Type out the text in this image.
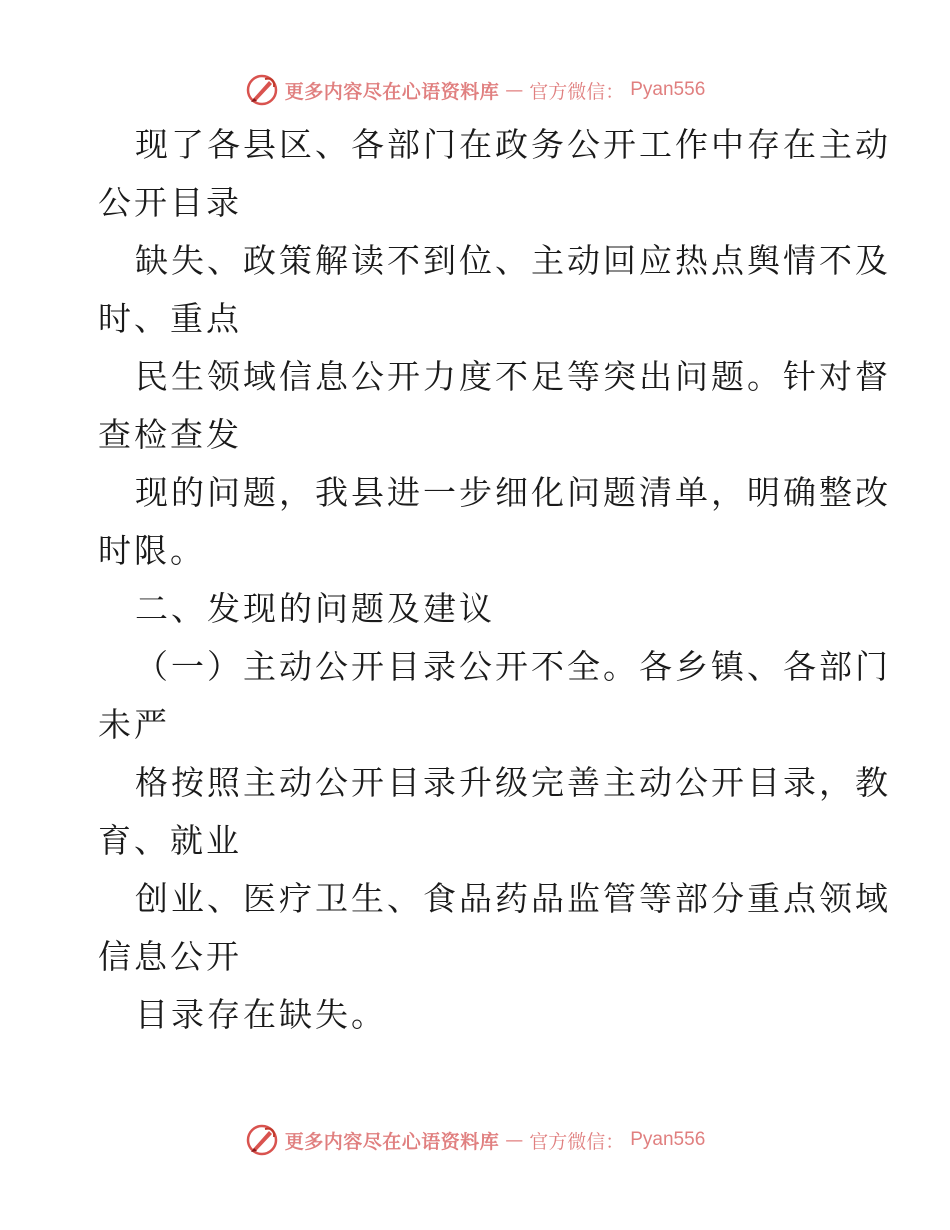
更多内容尽在心语资料库 — 官方微信： Pyan556
现了各县区、各部门在政务公开工作中存在主动
公开目录
缺失、政策解读不到位、主动回应热点舆情不及
时、重点
民生领域信息公开力度不足等突出问题。针对督
查检查发
现的问题，我县进一步细化问题清单，明确整改
时限。
二、发现的问题及建议
（一）主动公开目录公开不全。各乡镇、各部门
未严
格按照主动公开目录升级完善主动公开目录，教
育、就业
创业、医疗卫生、食品药品监管等部分重点领域
信息公开
目录存在缺失。
更多内容尽在心语资料库 — 官方微信： Pyan556
